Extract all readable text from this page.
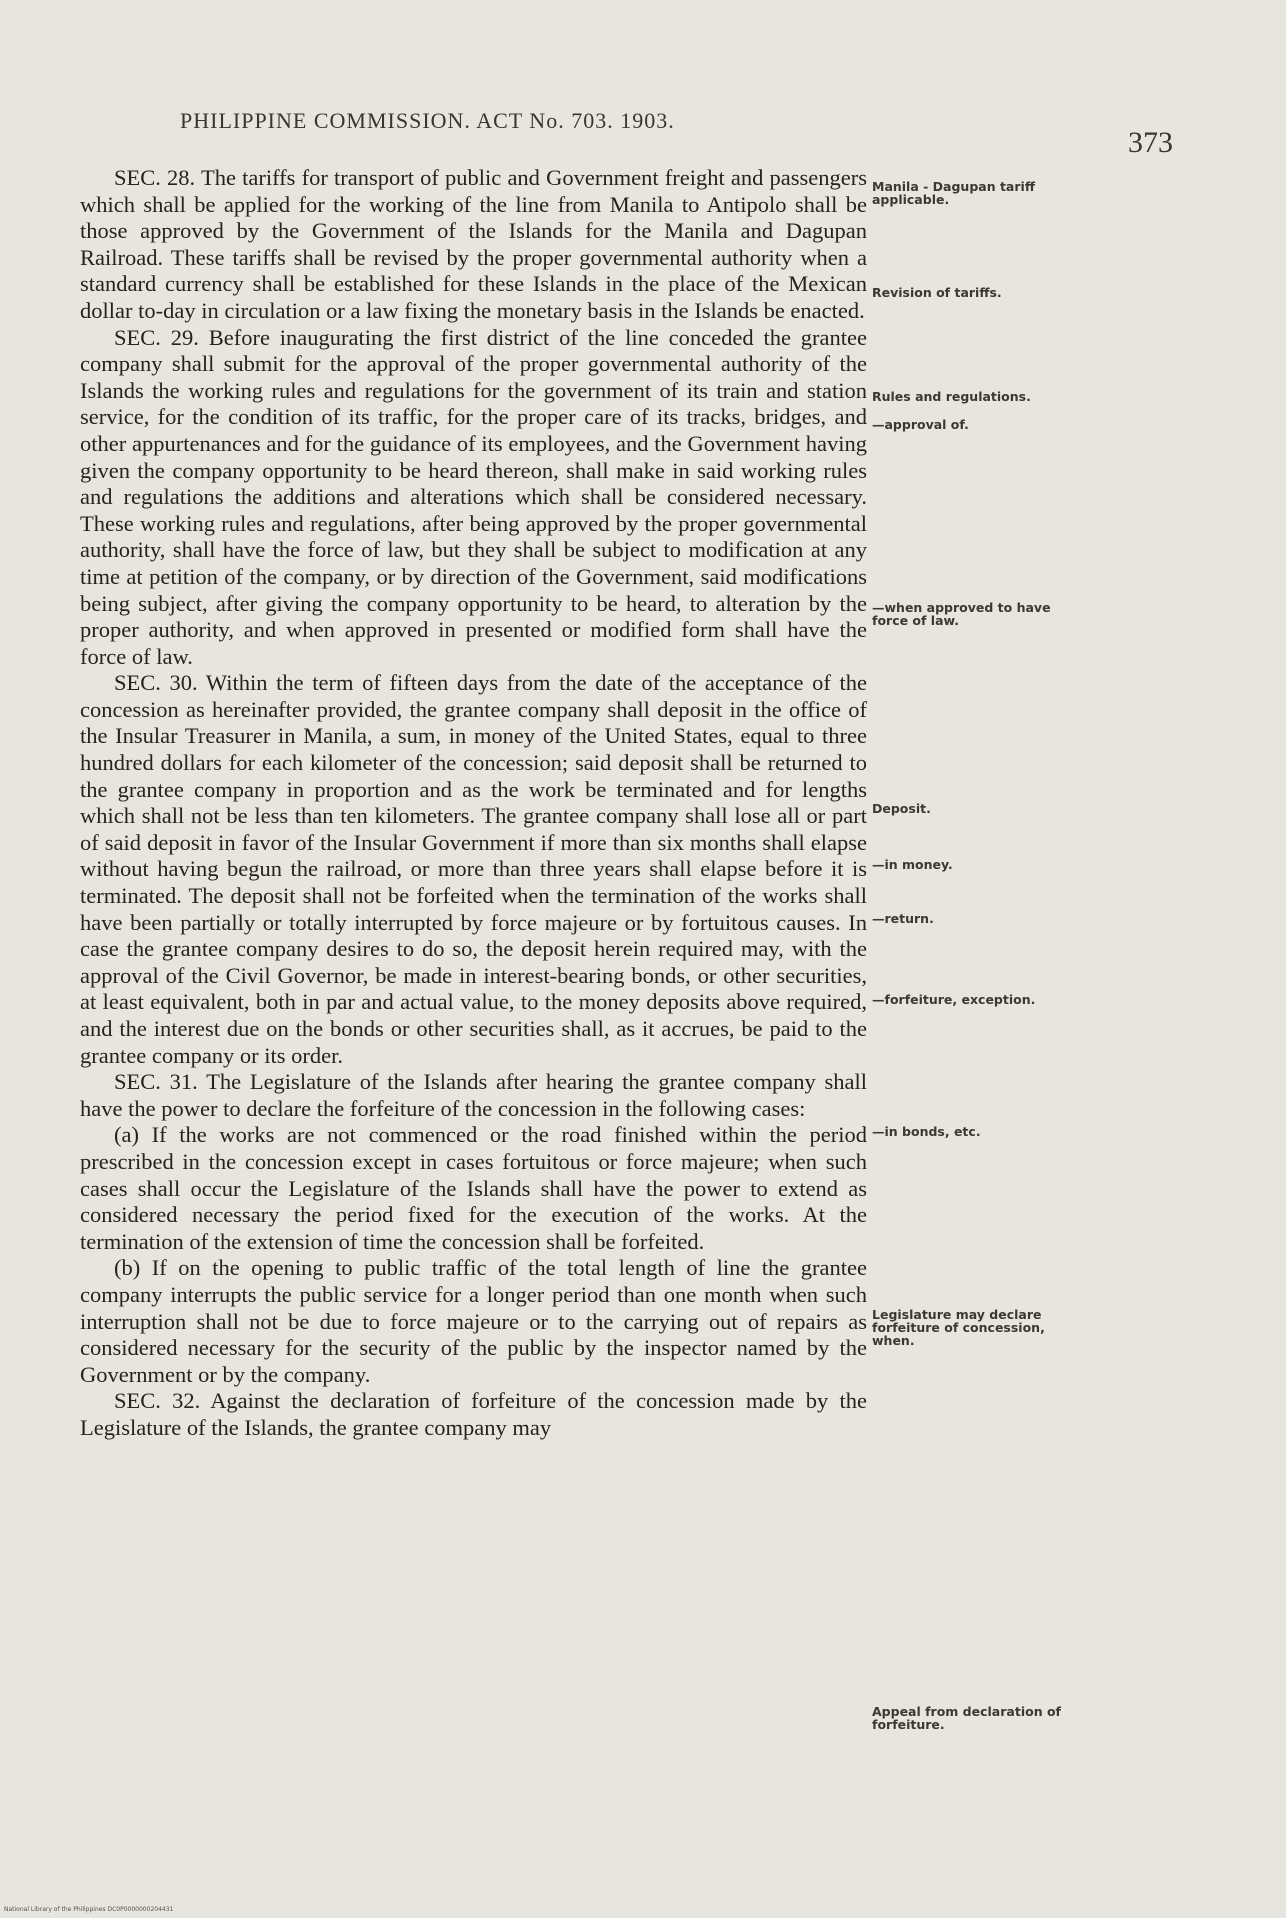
PHILIPPINE COMMISSION. ACT No. 703. 1903.
373

SEC. 28. The tariffs for transport of public and Government freight and passengers which shall be applied for the working of the line from Manila to Antipolo shall be those approved by the Government of the Islands for the Manila and Dagupan Railroad. These tariffs shall be revised by the proper governmental authority when a standard currency shall be established for these Islands in the place of the Mexican dollar to-day in circulation or a law fixing the monetary basis in the Islands be enacted.

SEC. 29. Before inaugurating the first district of the line conceded the grantee company shall submit for the approval of the proper governmental authority of the Islands the working rules and regulations for the government of its train and station service, for the condition of its traffic, for the proper care of its tracks, bridges, and other appurtenances and for the guidance of its employees, and the Government having given the company opportunity to be heard thereon, shall make in said working rules and regulations the additions and alterations which shall be considered necessary. These working rules and regulations, after being approved by the proper governmental authority, shall have the force of law, but they shall be subject to modification at any time at petition of the company, or by direction of the Government, said modifications being subject, after giving the company opportunity to be heard, to alteration by the proper authority, and when approved in presented or modified form shall have the force of law.

SEC. 30. Within the term of fifteen days from the date of the acceptance of the concession as hereinafter provided, the grantee company shall deposit in the office of the Insular Treasurer in Manila, a sum, in money of the United States, equal to three hundred dollars for each kilometer of the concession; said deposit shall be returned to the grantee company in proportion and as the work be terminated and for lengths which shall not be less than ten kilometers. The grantee company shall lose all or part of said deposit in favor of the Insular Government if more than six months shall elapse without having begun the railroad, or more than three years shall elapse before it is terminated. The deposit shall not be forfeited when the termination of the works shall have been partially or totally interrupted by force majeure or by fortuitous causes. In case the grantee company desires to do so, the deposit herein required may, with the approval of the Civil Governor, be made in interest-bearing bonds, or other securities, at least equivalent, both in par and actual value, to the money deposits above required, and the interest due on the bonds or other securities shall, as it accrues, be paid to the grantee company or its order.

SEC. 31. The Legislature of the Islands after hearing the grantee company shall have the power to declare the forfeiture of the concession in the following cases:

(a) If the works are not commenced or the road finished within the period prescribed in the concession except in cases fortuitous or force majeure; when such cases shall occur the Legislature of the Islands shall have the power to extend as considered necessary the period fixed for the execution of the works. At the termination of the extension of time the concession shall be forfeited.

(b) If on the opening to public traffic of the total length of line the grantee company interrupts the public service for a longer period than one month when such interruption shall not be due to force majeure or to the carrying out of repairs as considered necessary for the security of the public by the inspector named by the Government or by the company.

SEC. 32. Against the declaration of forfeiture of the concession made by the Legislature of the Islands, the grantee company may

Manila - Dagupan tariff applicable.
Revision of tariffs.
Rules and regulations.
—approval of.
—when approved to have force of law.
Deposit.
—in money.
—return.
—forfeiture, exception.
—in bonds, etc.
Legislature may declare forfeiture of concession, when.
Appeal from declaration of forfeiture.
National Library of the Philippines DC0P0000000204431
